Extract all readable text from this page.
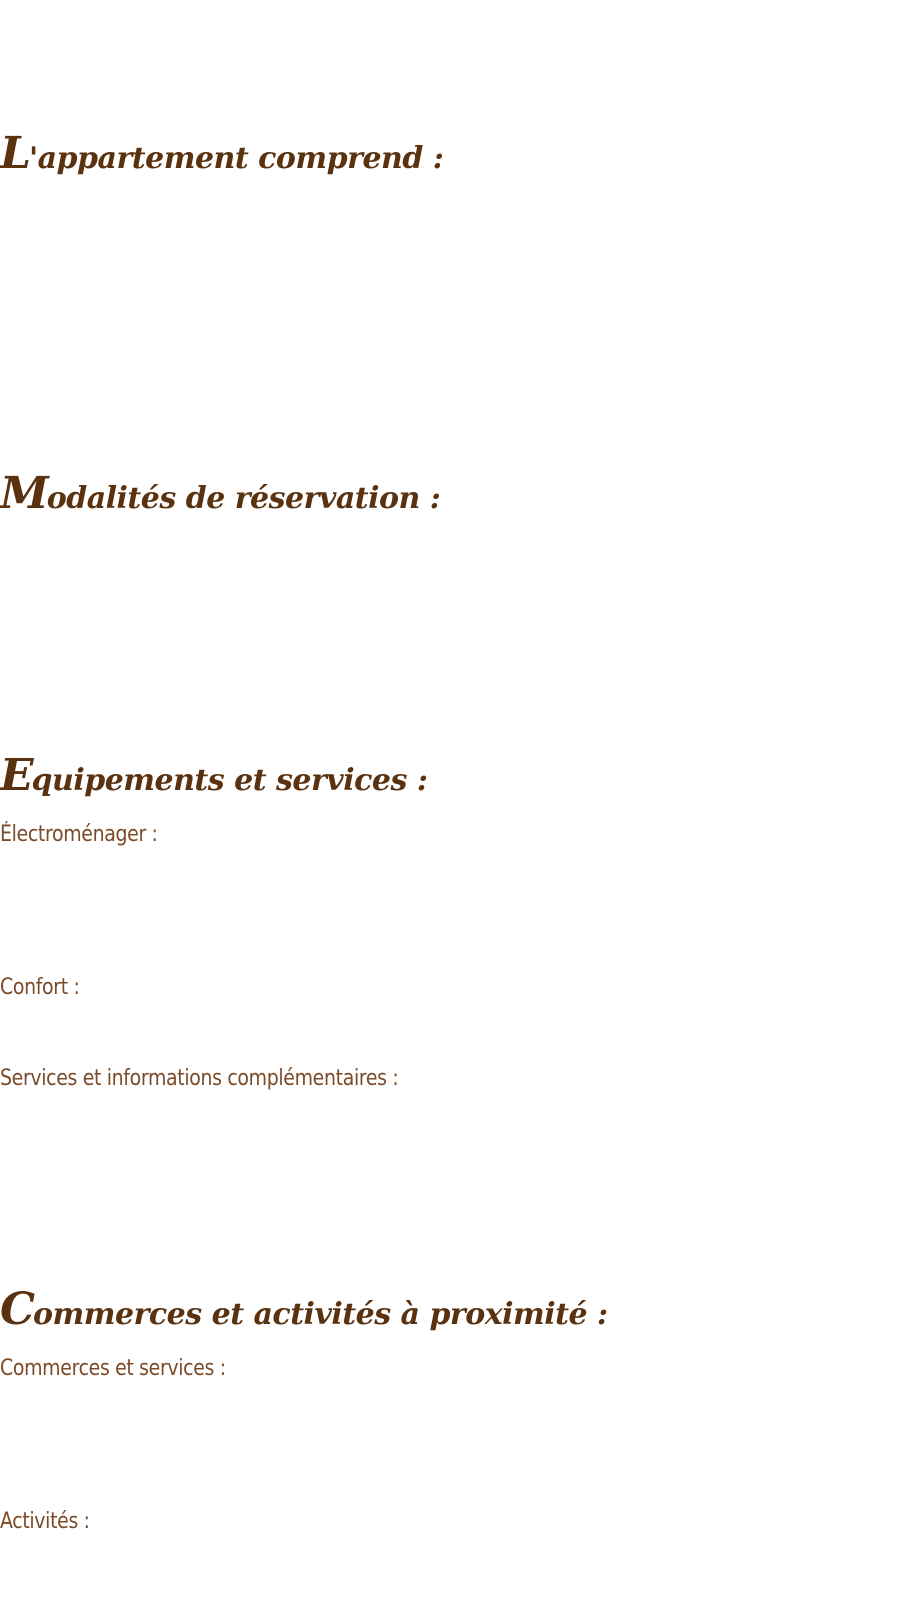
L'appartement comprend :
Modalités de réservation :
Equipements et services :

Électroménager :

Confort :

Services et informations complémentaires :

Commerces et activités à proximité :

Commerces et services :

Activités :
